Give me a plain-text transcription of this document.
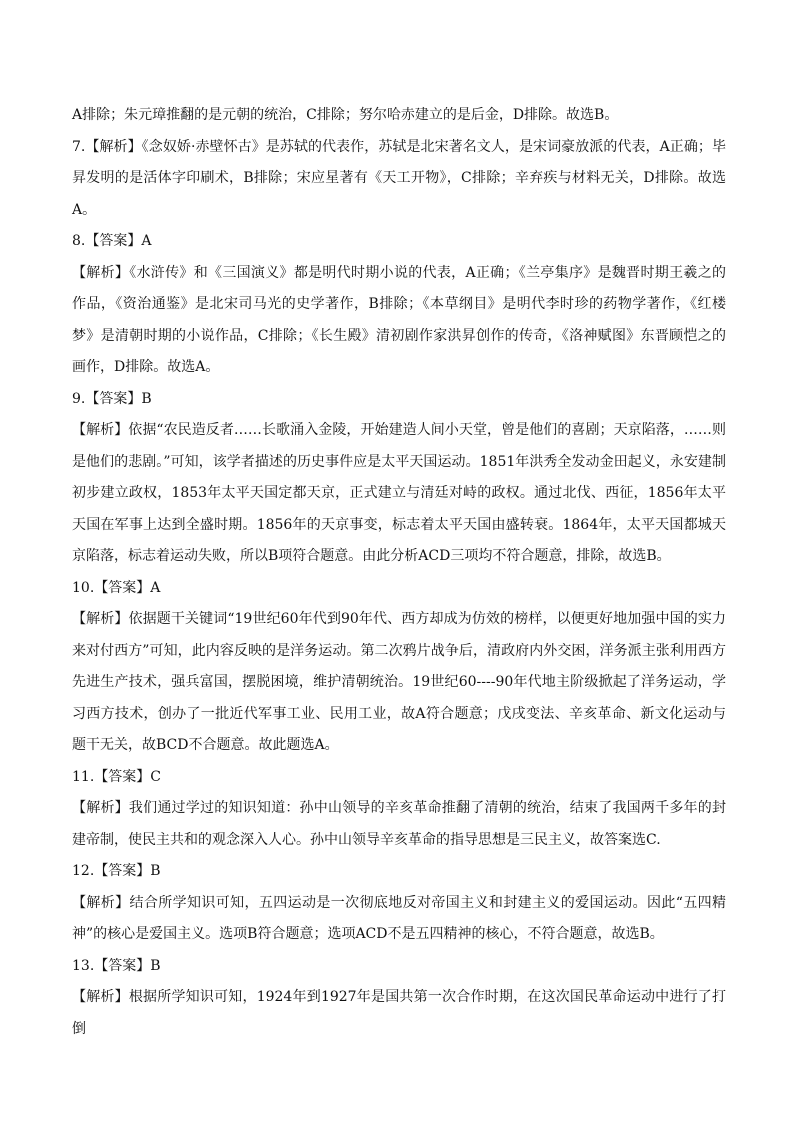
A排除；朱元璋推翻的是元朝的统治，C排除；努尔哈赤建立的是后金，D排除。故选B。
7.【解析】《念奴娇·赤壁怀古》是苏轼的代表作，苏轼是北宋著名文人，是宋词豪放派的代表，A正确；毕昇发明的是活体字印刷术，B排除；宋应星著有《天工开物》，C排除；辛弃疾与材料无关，D排除。故选A。
8.【答案】A
【解析】《水浒传》和《三国演义》都是明代时期小说的代表，A正确；《兰亭集序》是魏晋时期王羲之的作品，《资治通鉴》是北宋司马光的史学著作，B排除；《本草纲目》是明代李时珍的药物学著作，《红楼梦》是清朝时期的小说作品，C排除；《长生殿》清初剧作家洪昇创作的传奇，《洛神赋图》东晋顾恺之的画作，D排除。故选A。
9.【答案】B
【解析】依据“农民造反者……长歌涌入金陵，开始建造人间小天堂，曾是他们的喜剧；天京陷落，……则是他们的悲剧。”可知，该学者描述的历史事件应是太平天国运动。1851年洪秀全发动金田起义，永安建制初步建立政权，1853年太平天国定都天京，正式建立与清廷对峙的政权。通过北伐、西征，1856年太平天国在军事上达到全盛时期。1856年的天京事变，标志着太平天国由盛转衰。1864年，太平天国都城天京陷落，标志着运动失败，所以B项符合题意。由此分析ACD三项均不符合题意，排除，故选B。
10.【答案】A
【解析】依据题干关键词“19世纪60年代到90年代、西方却成为仿效的榜样，以便更好地加强中国的实力来对付西方”可知，此内容反映的是洋务运动。第二次鸦片战争后，清政府内外交困，洋务派主张利用西方先进生产技术，强兵富国，摆脱困境，维护清朝统治。19世纪60----90年代地主阶级掀起了洋务运动，学习西方技术，创办了一批近代军事工业、民用工业，故A符合题意；戊戌变法、辛亥革命、新文化运动与题干无关，故BCD不合题意。故此题选A。
11.【答案】C
【解析】我们通过学过的知识知道：孙中山领导的辛亥革命推翻了清朝的统治，结束了我国两千多年的封建帝制，使民主共和的观念深入人心。孙中山领导辛亥革命的指导思想是三民主义，故答案选C.
12.【答案】B
【解析】结合所学知识可知，五四运动是一次彻底地反对帝国主义和封建主义的爱国运动。因此“五四精神”的核心是爱国主义。选项B符合题意；选项ACD不是五四精神的核心，不符合题意，故选B。
13.【答案】B
【解析】根据所学知识可知，1924年到1927年是国共第一次合作时期，在这次国民革命运动中进行了打倒
